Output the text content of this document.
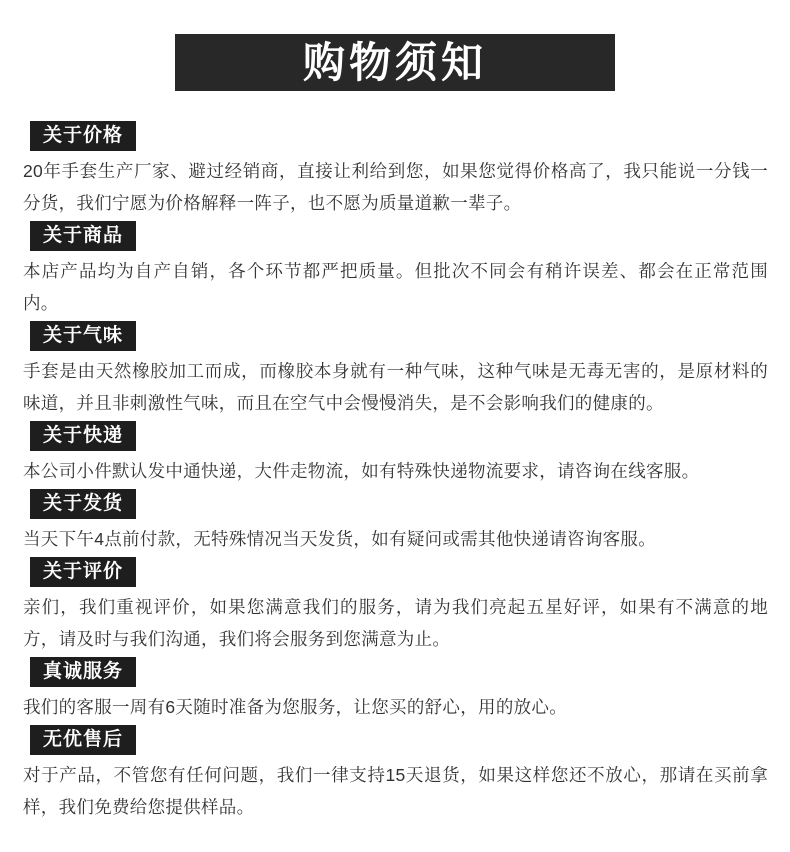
购物须知
关于价格

20年手套生产厂家、避过经销商，直接让利给到您，如果您觉得价格高了，我只能说一分钱一分货，我们宁愿为价格解释一阵子，也不愿为质量道歉一辈子。

关于商品

本店产品均为自产自销，各个环节都严把质量。但批次不同会有稍许误差、都会在正常范围内。

关于气味

手套是由天然橡胶加工而成，而橡胶本身就有一种气味，这种气味是无毒无害的，是原材料的味道，并且非刺激性气味，而且在空气中会慢慢消失，是不会影响我们的健康的。

关于快递

本公司小件默认发中通快递，大件走物流，如有特殊快递物流要求，请咨询在线客服。

关于发货

当天下午4点前付款，无特殊情况当天发货，如有疑问或需其他快递请咨询客服。

关于评价

亲们，我们重视评价，如果您满意我们的服务，请为我们亮起五星好评，如果有不满意的地方，请及时与我们沟通，我们将会服务到您满意为止。

真诚服务

我们的客服一周有6天随时准备为您服务，让您买的舒心，用的放心。

无优售后

对于产品，不管您有任何问题，我们一律支持15天退货，如果这样您还不放心，那请在买前拿样，我们免费给您提供样品。
